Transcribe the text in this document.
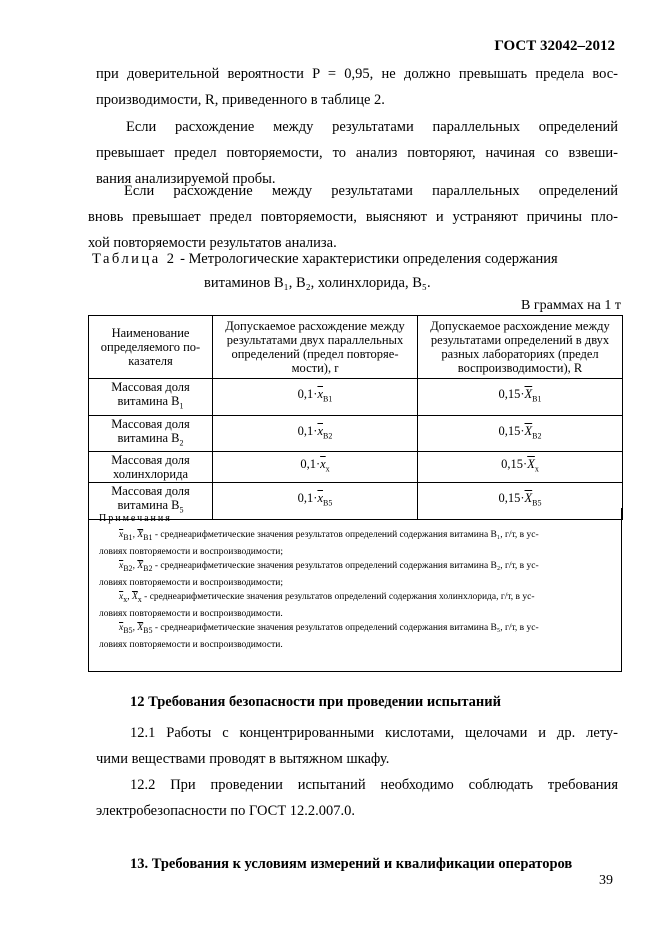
ГОСТ 32042–2012
при доверительной вероятности P = 0,95, не должно превышать предела вос-
производимости, R, приведенного в таблице 2.
Если расхождение между результатами параллельных определений
превышает предел повторяемости, то анализ повторяют, начиная со взвеши-
вания анализируемой пробы.
Если расхождение между результатами параллельных определений
вновь превышает предел повторяемости, выясняют и устраняют причины пло-
хой повторяемости результатов анализа.
Таблица 2 - Метрологические характеристики определения содержания
витаминов B₁, B₂, холинхлорида, B₅.
В граммах на 1 т
Наименование определяемого по-казателя	Допускаемое расхождение между результатами двух параллельных определений (предел повторяе-мости), r	Допускаемое расхождение между результатами определений в двух разных лабораториях (предел воспроизводимости), R
Массовая доля
витамина $B_1$	$0,1\cdot\overline{x}_{B1}$	$0,15\cdot\overline{X}_{B1}$
Массовая доля
витамина $B_2$	$0,1\cdot\overline{x}_{B2}$	$0,15\cdot\overline{X}_{B2}$
Массовая доля
холинхлорида	$0,1\cdot\overline{x}_x$	$0,15\cdot\overline{X}_x$
Массовая доля
витамина $B_5$	$0,1\cdot\overline{x}_{B5}$	$0,15\cdot\overline{X}_{B5}$
Примечания
$\overline{x}_{B1}$, $\overline{X}_{B1}$ - среднеарифметические значения результатов определений содержания витамина B₁, г/т, в ус-
ловиях повторяемости и воспроизводимости;
$\overline{x}_{B2}$, $\overline{X}_{B2}$ - среднеарифметические значения результатов определений содержания витамина B₂, г/т, в ус-
ловиях повторяемости и воспроизводимости;
$\overline{x}_x$, $\overline{X}_x$ - среднеарифметические значения результатов определений содержания холинхлорида, г/т, в ус-
ловиях повторяемости и воспроизводимости.
$\overline{x}_{B5}$, $\overline{X}_{B5}$ - среднеарифметические значения результатов определений содержания витамина B₅, г/т, в ус-
ловиях повторяемости и воспроизводимости.
12 Требования безопасности при проведении испытаний
12.1 Работы с концентрированными кислотами, щелочами и др. лету-
чими веществами проводят в вытяжном шкафу.
12.2 При проведении испытаний необходимо соблюдать требования
электробезопасности по ГОСТ 12.2.007.0.
13. Требования к условиям измерений и квалификации операторов
39
